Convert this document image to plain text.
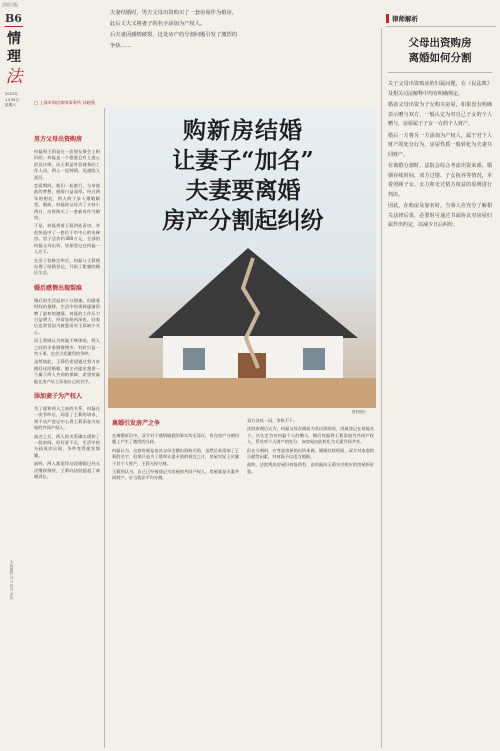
法治日报
B6
情
理
法
2021年
1月30日
星期六
律师解析
夫妻结婚时，男方父母出资购买了一套房屋作为婚房，
此后丈夫又将妻子的名字添加为产权人。
后夫妻因感情破裂，这处房产的分割问题引发了激烈的
争执……
□ 上海市海信律师事务所 孙晓燕
购新房结婚
让妻子“加名”
夫妻要离婚
房产分割起纠纷
资料图片
男方父母出资购房

何磊和王莉是在一次朋友聚会上相识的。何磊是一个稳重且有上进心的设计师，而王莉是外贸商务的工作人员，两人一见钟情，迅速陷入爱河。

恋爱期间，他们一起旅行、分享彼此的梦想，感情日益深厚。经过两年的相处，两人终于步入婚姻殿堂。婚前，何磊的父母为了支持小两口，出资购买了一套新房作为婚房。

于是，何磊带着王莉四处看房，并很快选中了一套位于市中心的电梯房。房子总价约300万元，全部由何磊父母出资，房屋登记在何磊一人名下。

在房子装修完毕后，何磊与王莉便办理了结婚登记，开始了甜蜜的婚后生活。

婚后感情出现裂痕

婚后的生活起初十分甜蜜。但随着时间的推移，生活中的琐碎逐渐消磨了最初的激情。何磊的工作压力日益增大，经常加班到深夜，回家后也常常因为疲惫而对王莉缺少关心。

而王莉则认为何磊不够体贴，两人之间的矛盾慢慢增多。有时只是一些小事，也会引发激烈的争吵。

虽然如此，王莉仍希望通过努力来挽回这段婚姻。她主动提出想要一个属于两人共同的保障，希望何磊能在房产证上添加自己的名字。

添加妻子为产权人

为了缓和两人之间的关系，何磊在一次争吵后，同意了王莉的请求，到不动产登记中心将王莉添加为房屋的共同产权人。

加名之后，两人的关系确实缓和了一段时间。但好景不长，生活中的分歧再次出现，争吵变得愈发频繁。

最终，两人都觉得这段婚姻已经无法继续维持，王莉向法院提起了离婚诉讼。

本版编辑 孙立 校对 李欣
离婚引发房产之争

在离婚诉讼中，双方对于感情破裂的事实均无异议，但在房产分割问题上产生了激烈的分歧。

何磊认为，这套房屋是由其父母全额出资购买的，虽然后来添加了王莉的名字，但那只是为了缓和夫妻矛盾的权宜之计，房屋实际上应属于其个人财产，王莉无权分割。

王莉则认为，自己已经被登记为房屋的共同产权人，房屋就是夫妻共同财产，应当依法平均分割。

双方各执一词，争执不下。

法院审理后认为，何磊父母在婚前为其出资购房，房屋登记在何磊名下，应认定为对何磊个人的赠与。婚后何磊将王莉添加为共同产权人，系其对个人财产的处分，该房屋由此转化为夫妻共同共有。

但在分割时，应考虑房屋的出资来源、婚姻存续时间、双方对家庭的贡献等因素，对何磊予以适当照顾。

最终，法院判决房屋归何磊所有，由何磊向王莉支付相应的房屋折价款。

父母出资购房
离婚如何分割

关于父母出资购房的归属问题，在《民法典》及相关司法解释中均有明确规定。

婚前父母出资为子女购买房屋，如果没有明确表示赠与双方，一般认定为对自己子女的个人赠与，房屋属于子女一方的个人财产。

婚后一方将另一方添加为产权人，属于对个人财产的处分行为，房屋性质一般转化为夫妻共同财产。

在离婚分割时，法院会综合考虑出资来源、婚姻存续时间、双方过错、子女抚养等情况，本着照顾子女、女方和无过错方权益的原则进行判决。

因此，在购房及加名时，当事人应充分了解相关法律后果，必要时可通过书面协议对房屋归属作出约定，以减少日后纠纷。
